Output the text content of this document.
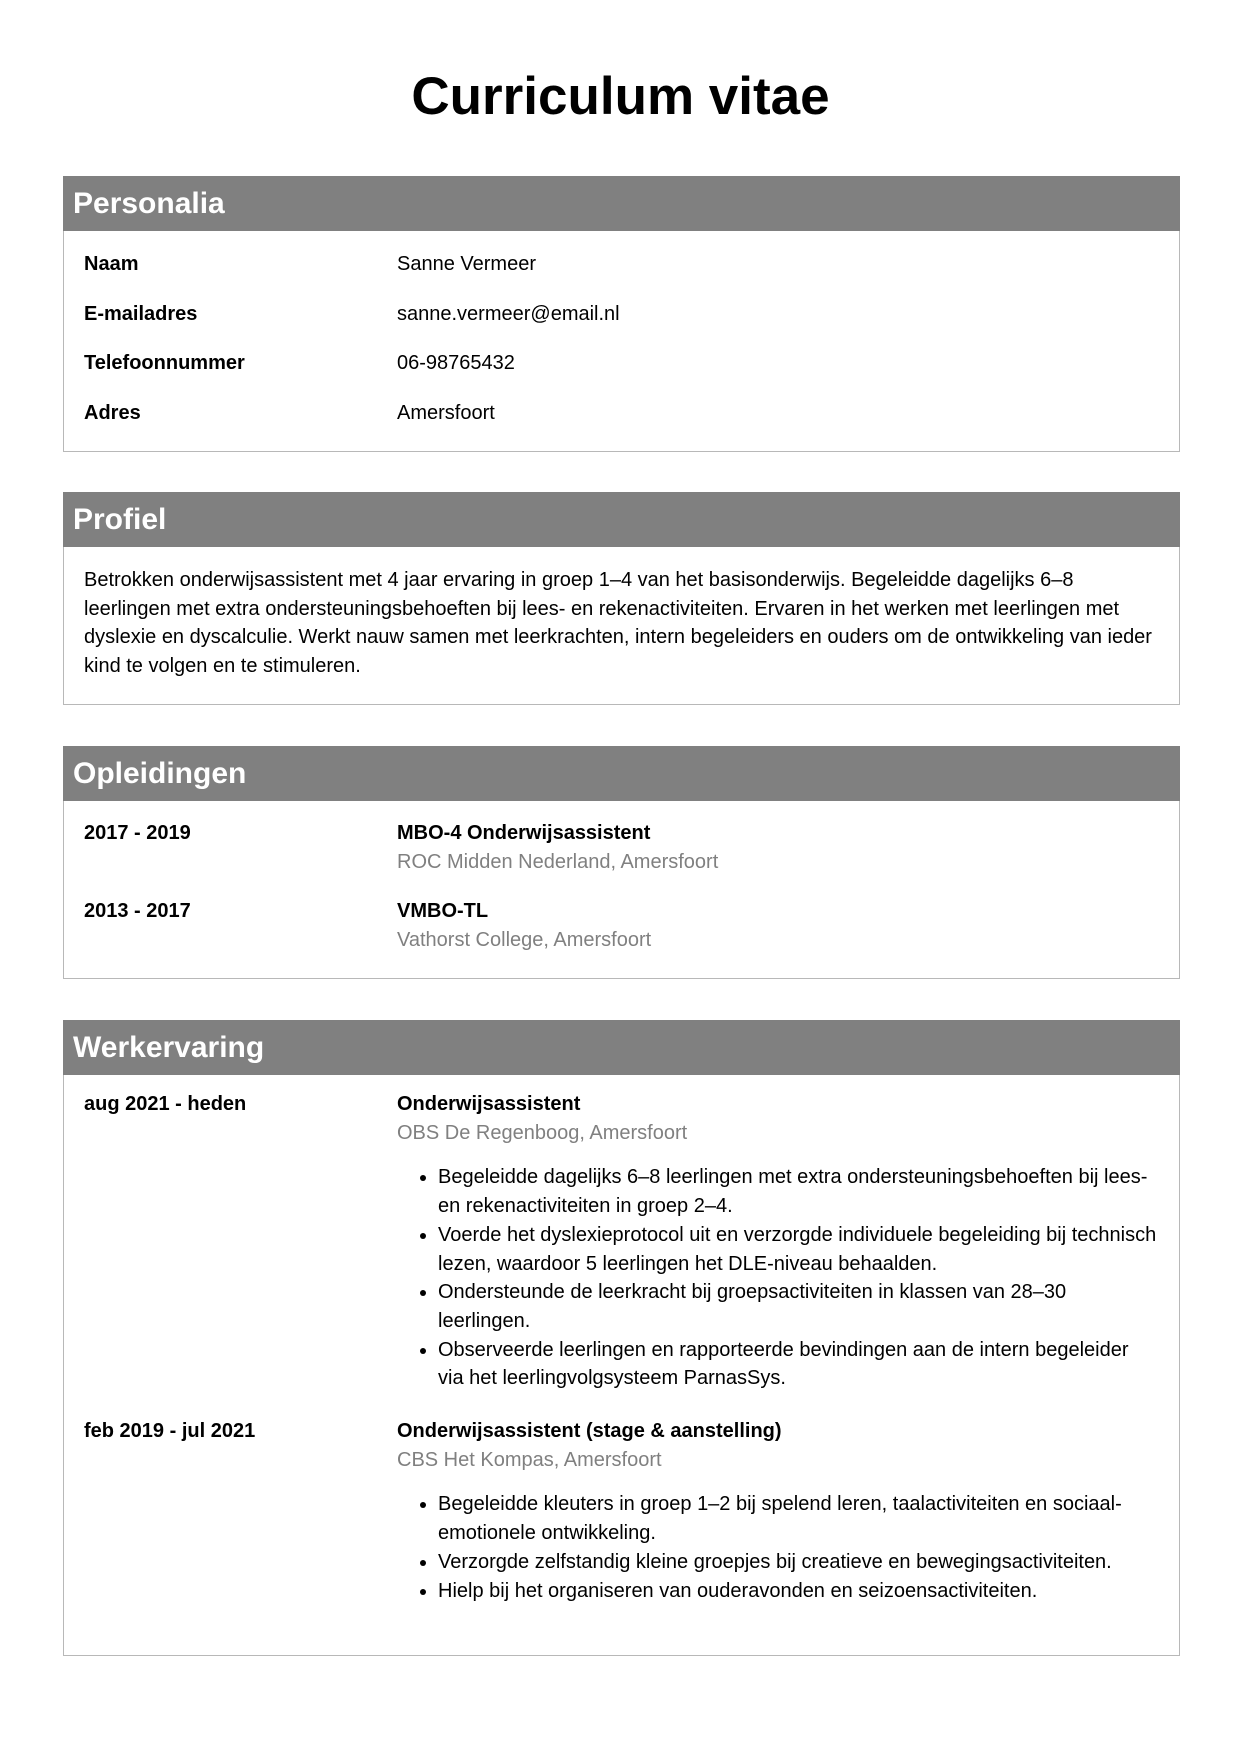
Curriculum vitae
Personalia
Naam	Sanne Vermeer
E-mailadres	sanne.vermeer@email.nl
Telefoonnummer	06-98765432
Adres	Amersfoort
Profiel

Betrokken onderwijsassistent met 4 jaar ervaring in groep 1–4 van het basisonderwijs. Begeleidde dagelijks 6–8 leerlingen met extra ondersteuningsbehoeften bij lees- en rekenactiviteiten. Ervaren in het werken met leerlingen met dyslexie en dyscalculie. Werkt nauw samen met leerkrachten, intern begeleiders en ouders om de ontwikkeling van ieder kind te volgen en te stimuleren.

Opleidingen
2017 - 2019	MBO-4 Onderwijsassistent
ROC Midden Nederland, Amersfoort
2013 - 2017	VMBO-TL
Vathorst College, Amersfoort
Werkervaring
aug 2021 - heden	Onderwijsassistent
OBS De Regenboog, Amersfoort
• Begeleidde dagelijks 6–8 leerlingen met extra ondersteuningsbehoeften bij lees- en rekenactiviteiten in groep 2–4.
• Voerde het dyslexieprotocol uit en verzorgde individuele begeleiding bij technisch lezen, waardoor 5 leerlingen het DLE-niveau behaalden.
• Ondersteunde de leerkracht bij groepsactiviteiten in klassen van 28–30 leerlingen.
• Observeerde leerlingen en rapporteerde bevindingen aan de intern begeleider via het leerlingvolgsysteem ParnasSys.
feb 2019 - jul 2021	Onderwijsassistent (stage & aanstelling)
CBS Het Kompas, Amersfoort
• Begeleidde kleuters in groep 1–2 bij spelend leren, taalactiviteiten en sociaal-emotionele ontwikkeling.
• Verzorgde zelfstandig kleine groepjes bij creatieve en bewegingsactiviteiten.
• Hielp bij het organiseren van ouderavonden en seizoensactiviteiten.
